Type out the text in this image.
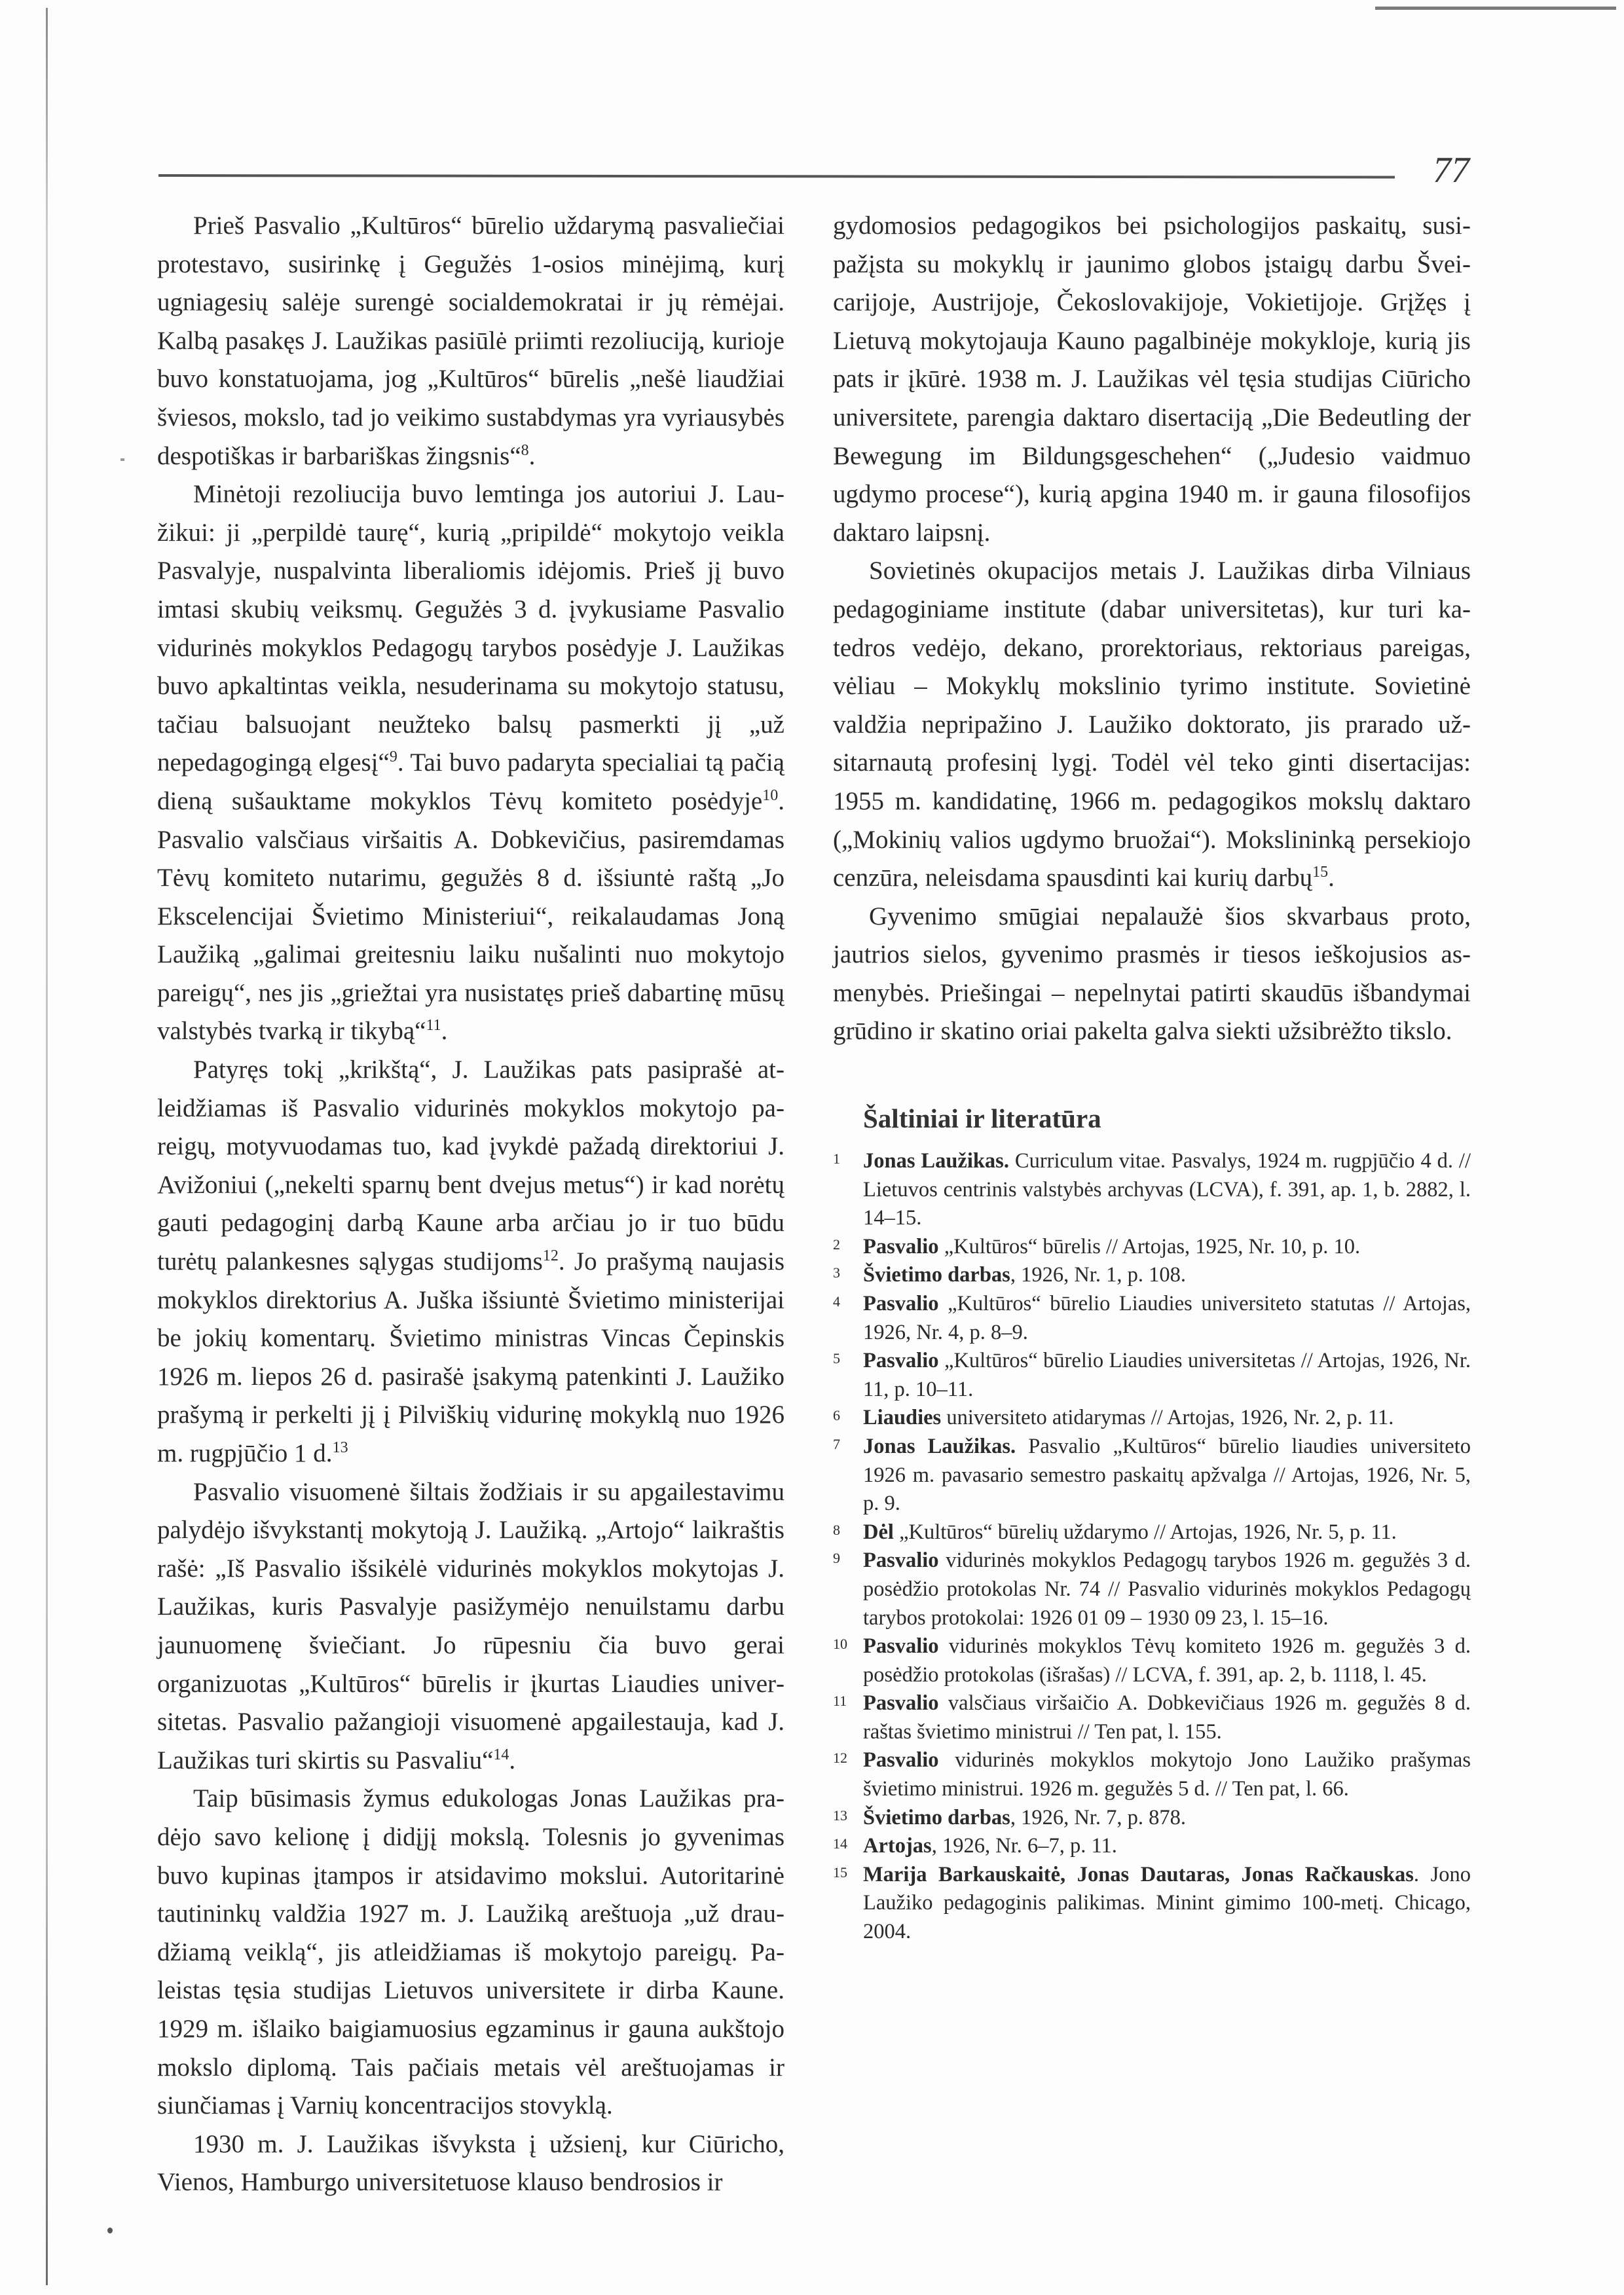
77

Prieš Pasvalio „Kultūros“ būrelio uždarymą pasvaliečiai protestavo, susirinkę į Gegužės 1-osios minėjimą, kurį ugniagesių salėje surengė socialdemokratai ir jų rėmėjai. Kalbą pasakęs J. Laužikas pasiūlė priimti rezoliuciją, kurioje buvo konstatuojama, jog „Kultūros“ būrelis „nešė liaudžiai šviesos, mokslo, tad jo veikimo sustabdymas yra vyriausybės despotiškas ir barbariškas žingsnis“$^8$.

Minėtoji rezoliucija buvo lemtinga jos autoriui J. Laužikui: ji „perpildė taurę“, kurią „pripildė“ mokytojo veikla Pasvalyje, nuspalvinta liberaliomis idėjomis. Prieš jį buvo imtasi skubių veiksmų. Gegužės 3 d. įvykusiame Pasvalio vidurinės mokyklos Pedagogų tarybos posėdyje J. Laužikas buvo apkaltintas veikla, nesuderinama su mokytojo statusu, tačiau balsuojant neužteko balsų pasmerkti jį „už nepedagogingą elgesį“$^9$. Tai buvo padaryta specialiai tą pačią dieną sušauktame mokyklos Tėvų komiteto posėdyje$^{10}$. Pasvalio valsčiaus viršaitis A. Dobkevičius, pasiremdamas Tėvų komiteto nutarimu, gegužės 8 d. išsiuntė raštą „Jo Ekscelencijai Švietimo Ministeriui“, reikalaudamas Joną Laužiką „galimai greitesniu laiku nušalinti nuo mokytojo pareigų“, nes jis „griežtai yra nusistatęs prieš dabartinę mūsų valstybės tvarką ir tikybą“$^{11}$.

Patyręs tokį „krikštą“, J. Laužikas pats pasiprašė atleidžiamas iš Pasvalio vidurinės mokyklos mokytojo pareigų, motyvuodamas tuo, kad įvykdė pažadą direktoriui J. Avižoniui („nekelti sparnų bent dvejus metus“) ir kad norėtų gauti pedagoginį darbą Kaune arba arčiau jo ir tuo būdu turėtų palankesnes sąlygas studijoms$^{12}$. Jo prašymą naujasis mokyklos direktorius A. Juška išsiuntė Švietimo ministerijai be jokių komentarų. Švietimo ministras Vincas Čepinskis 1926 m. liepos 26 d. pasirašė įsakymą patenkinti J. Laužiko prašymą ir perkelti jį į Pilviškių vidurinę mokyklą nuo 1926 m. rugpjūčio 1 d.$^{13}$

Pasvalio visuomenė šiltais žodžiais ir su apgailestavimu palydėjo išvykstantį mokytoją J. Laužiką. „Artojo“ laikraštis rašė: „Iš Pasvalio išsikėlė vidurinės mokyklos mokytojas J. Laužikas, kuris Pasvalyje pasižymėjo nenuilstamu darbu jaunuomenę šviečiant. Jo rūpesniu čia buvo gerai organizuotas „Kultūros“ būrelis ir įkurtas Liaudies universitetas. Pasvalio pažangioji visuomenė apgailestauja, kad J. Laužikas turi skirtis su Pasvaliu“$^{14}$.

Taip būsimasis žymus edukologas Jonas Laužikas pradėjo savo kelionę į didįjį mokslą. Tolesnis jo gyvenimas buvo kupinas įtampos ir atsidavimo mokslui. Autoritarinė tautininkų valdžia 1927 m. J. Laužiką areštuoja „už draudžiamą veiklą“, jis atleidžiamas iš mokytojo pareigų. Paleistas tęsia studijas Lietuvos universitete ir dirba Kaune. 1929 m. išlaiko baigiamuosius egzaminus ir gauna aukštojo mokslo diplomą. Tais pačiais metais vėl areštuojamas ir siunčiamas į Varnių koncentracijos stovyklą.

1930 m. J. Laužikas išvyksta į užsienį, kur Ciūricho, Vienos, Hamburgo universitetuose klauso bendrosios ir

gydomosios pedagogikos bei psichologijos paskaitų, susipažįsta su mokyklų ir jaunimo globos įstaigų darbu Šveicarijoje, Austrijoje, Čekoslovakijoje, Vokietijoje. Grįžęs į Lietuvą mokytojauja Kauno pagalbinėje mokykloje, kurią jis pats ir įkūrė. 1938 m. J. Laužikas vėl tęsia studijas Ciūricho universitete, parengia daktaro disertaciją „Die Bedeutling der Bewegung im Bildungsgeschehen“ („Judesio vaidmuo ugdymo procese“), kurią apgina 1940 m. ir gauna filosofijos daktaro laipsnį.

Sovietinės okupacijos metais J. Laužikas dirba Vilniaus pedagoginiame institute (dabar universitetas), kur turi katedros vedėjo, dekano, prorektoriaus, rektoriaus pareigas, vėliau – Mokyklų mokslinio tyrimo institute. Sovietinė valdžia nepripažino J. Laužiko doktorato, jis prarado užsitarnautą profesinį lygį. Todėl vėl teko ginti disertacijas: 1955 m. kandidatinę, 1966 m. pedagogikos mokslų daktaro („Mokinių valios ugdymo bruožai“). Mokslininką persekiojo cenzūra, neleisdama spausdinti kai kurių darbų$^{15}$.

Gyvenimo smūgiai nepalaužė šios skvarbaus proto, jautrios sielos, gyvenimo prasmės ir tiesos ieškojusios asmenybės. Priešingai – nepelnytai patirti skaudūs išbandymai grūdino ir skatino oriai pakelta galva siekti užsibrėžto tikslo.

Šaltiniai ir literatūra
1 Jonas Laužikas. Curriculum vitae. Pasvalys, 1924 m. rugpjūčio 4 d. // Lietuvos centrinis valstybės archyvas (LCVA), f. 391, ap. 1, b. 2882, l. 14–15.
2 Pasvalio „Kultūros“ būrelis // Artojas, 1925, Nr. 10, p. 10.
3 Švietimo darbas, 1926, Nr. 1, p. 108.
4 Pasvalio „Kultūros“ būrelio Liaudies universiteto statutas // Artojas, 1926, Nr. 4, p. 8–9.
5 Pasvalio „Kultūros“ būrelio Liaudies universitetas // Artojas, 1926, Nr. 11, p. 10–11.
6 Liaudies universiteto atidarymas // Artojas, 1926, Nr. 2, p. 11.
7 Jonas Laužikas. Pasvalio „Kultūros“ būrelio liaudies universiteto 1926 m. pavasario semestro paskaitų apžvalga // Artojas, 1926, Nr. 5, p. 9.
8 Dėl „Kultūros“ būrelių uždarymo // Artojas, 1926, Nr. 5, p. 11.
9 Pasvalio vidurinės mokyklos Pedagogų tarybos 1926 m. gegužės 3 d. posėdžio protokolas Nr. 74 // Pasvalio vidurinės mokyklos Pedagogų tarybos protokolai: 1926 01 09 – 1930 09 23, l. 15–16.
10 Pasvalio vidurinės mokyklos Tėvų komiteto 1926 m. gegužės 3 d. posėdžio protokolas (išrašas) // LCVA, f. 391, ap. 2, b. 1118, l. 45.
11 Pasvalio valsčiaus viršaičio A. Dobkevičiaus 1926 m. gegužės 8 d. raštas švietimo ministrui // Ten pat, l. 155.
12 Pasvalio vidurinės mokyklos mokytojo Jono Laužiko prašymas švietimo ministrui. 1926 m. gegužės 5 d. // Ten pat, l. 66.
13 Švietimo darbas, 1926, Nr. 7, p. 878.
14 Artojas, 1926, Nr. 6–7, p. 11.
15 Marija Barkauskaitė, Jonas Dautaras, Jonas Račkauskas. Jono Laužiko pedagoginis palikimas. Minint gimimo 100-metį. Chicago, 2004.
